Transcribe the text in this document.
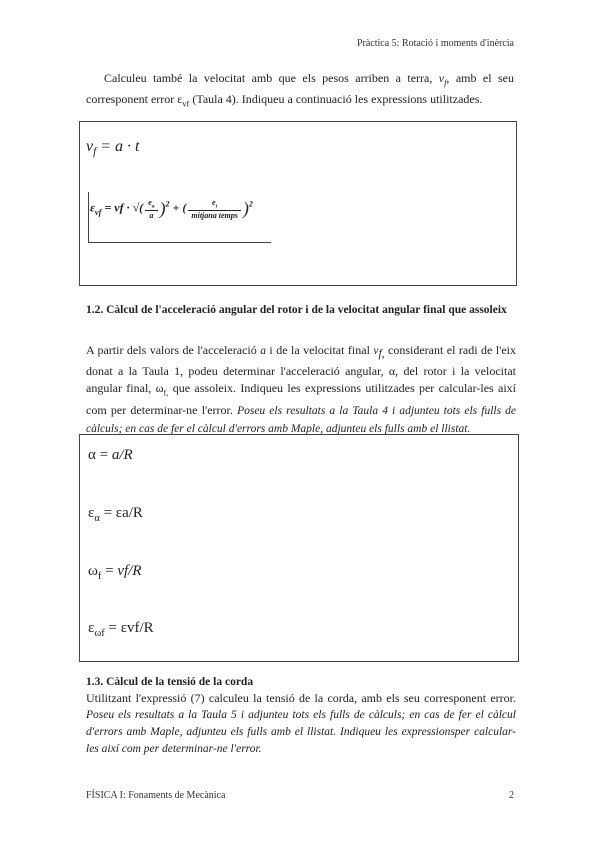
Pràctica 5: Rotació i moments d'inèrcia
Calculeu també la velocitat amb que els pesos arriben a terra, $v_f$, amb el seu corresponent error $\varepsilon_{vf}$ (Taula 4). Indiqueu a continuació les expressions utilitzades.
$v_f = a \cdot t$
$\varepsilon_{vf}$ = vf · √( $\frac{e_a}{a} )^2$ + ( $\frac{e_t}{\text{mitjana temps}} )^2$
1.2. Càlcul de l'acceleració angular del rotor i de la velocitat angular final que assoleix
A partir dels valors de l'acceleració a i de la velocitat final $v_{f,}$ considerant el radi de l'eix donat a la Taula 1, podeu determinar l'acceleració angular, α, del rotor i la velocitat angular final, $\omega_{f,}$ que assoleix. Indiqueu les expressions utilitzades per calcular-les així com per determinar-ne l'error. Poseu els resultats a la Taula 4 i adjunteu tots els fulls de càlculs; en cas de fer el càlcul d'errors amb Maple, adjunteu els fulls amb el llistat.
α = a/R
$\varepsilon_\alpha$ = ɛa/R
$\omega_f = vf/R$
$\varepsilon_{\omega f} = \varepsilon vf/R$
1.3. Càlcul de la tensió de la corda
Utilitzant l'expressió (7) calculeu la tensió de la corda, amb els seu corresponent error. Poseu els resultats a la Taula 5 i adjunteu tots els fulls de càlculs; en cas de fer el càlcul d'errors amb Maple, adjunteu els fulls amb el llistat. Indiqueu les expressionsper calcular-les així com per determinar-ne l'error.
FÍSICA I: Fonaments de Mecànica	2
